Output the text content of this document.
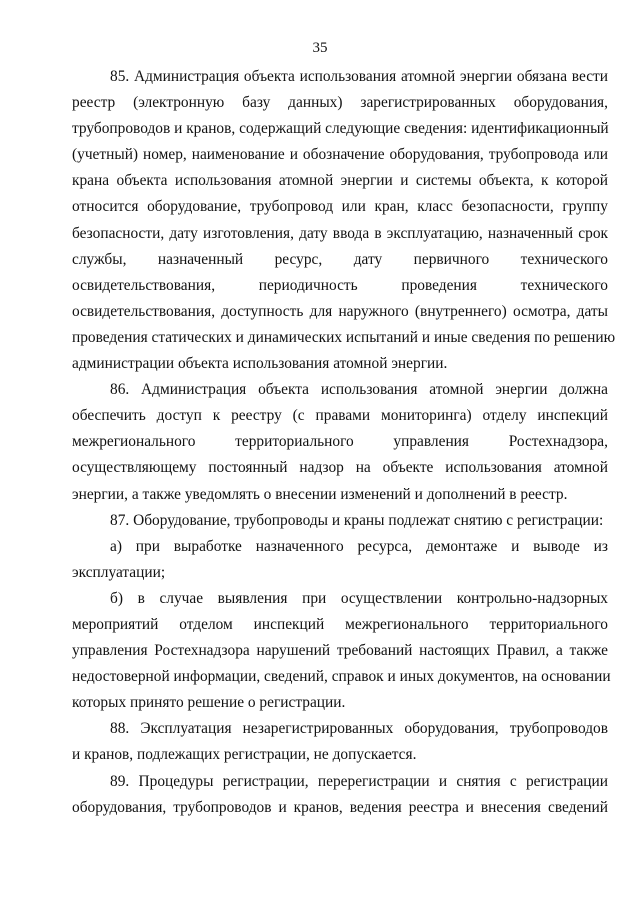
35

85. Администрация объекта использования атомной энергии обязана вести
реестр (электронную базу данных) зарегистрированных оборудования,
трубопроводов и кранов, содержащий следующие сведения: идентификационный
(учетный) номер, наименование и обозначение оборудования, трубопровода или
крана объекта использования атомной энергии и системы объекта, к которой
относится оборудование, трубопровод или кран, класс безопасности, группу
безопасности, дату изготовления, дату ввода в эксплуатацию, назначенный срок
службы, назначенный ресурс, дату первичного технического
освидетельствования, периодичность проведения технического
освидетельствования, доступность для наружного (внутреннего) осмотра, даты
проведения статических и динамических испытаний и иные сведения по решению
администрации объекта использования атомной энергии.

86. Администрация объекта использования атомной энергии должна
обеспечить доступ к реестру (с правами мониторинга) отделу инспекций
межрегионального территориального управления Ростехнадзора,
осуществляющему постоянный надзор на объекте использования атомной
энергии, а также уведомлять о внесении изменений и дополнений в реестр.

87. Оборудование, трубопроводы и краны подлежат снятию с регистрации:

а) при выработке назначенного ресурса, демонтаже и выводе из
эксплуатации;

б) в случае выявления при осуществлении контрольно-надзорных
мероприятий отделом инспекций межрегионального территориального
управления Ростехнадзора нарушений требований настоящих Правил, а также
недостоверной информации, сведений, справок и иных документов, на основании
которых принято решение о регистрации.

88. Эксплуатация незарегистрированных оборудования, трубопроводов
и кранов, подлежащих регистрации, не допускается.

89. Процедуры регистрации, перерегистрации и снятия с регистрации
оборудования, трубопроводов и кранов, ведения реестра и внесения сведений
